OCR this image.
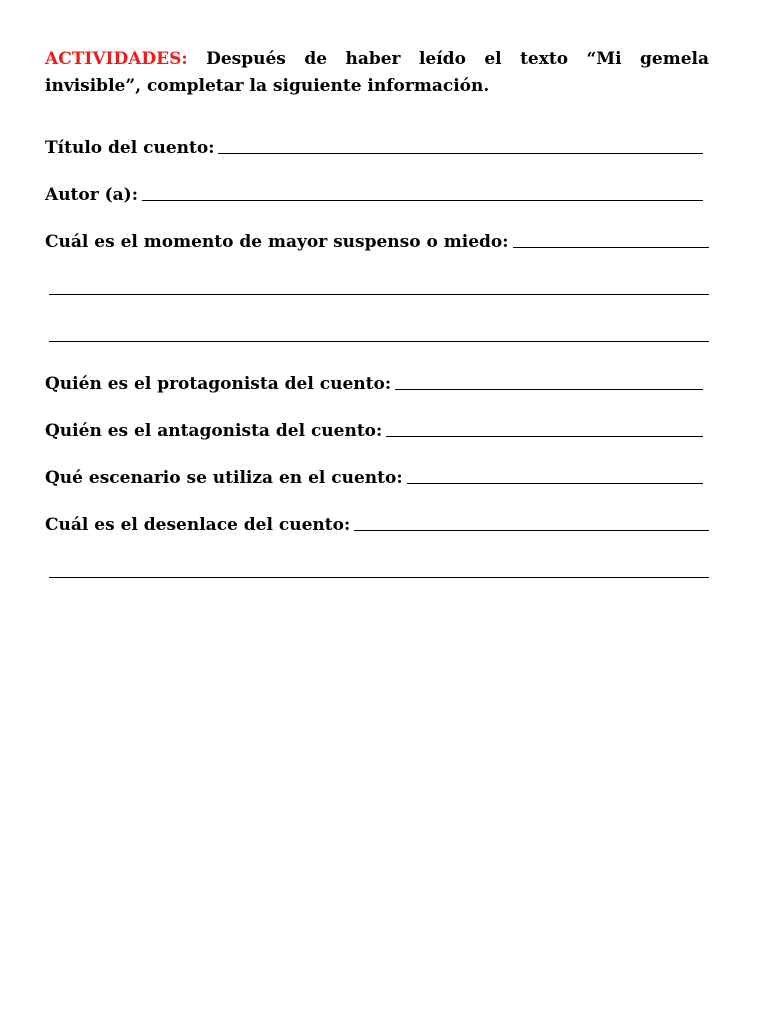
ACTIVIDADES: Después de haber leído el texto “Mi gemela invisible”, completar la siguiente información.

Título del cuento:
Autor (a):
Cuál es el momento de mayor suspenso o miedo:
Quién es el protagonista del cuento:
Quién es el antagonista del cuento:
Qué escenario se utiliza en el cuento:
Cuál es el desenlace del cuento:
